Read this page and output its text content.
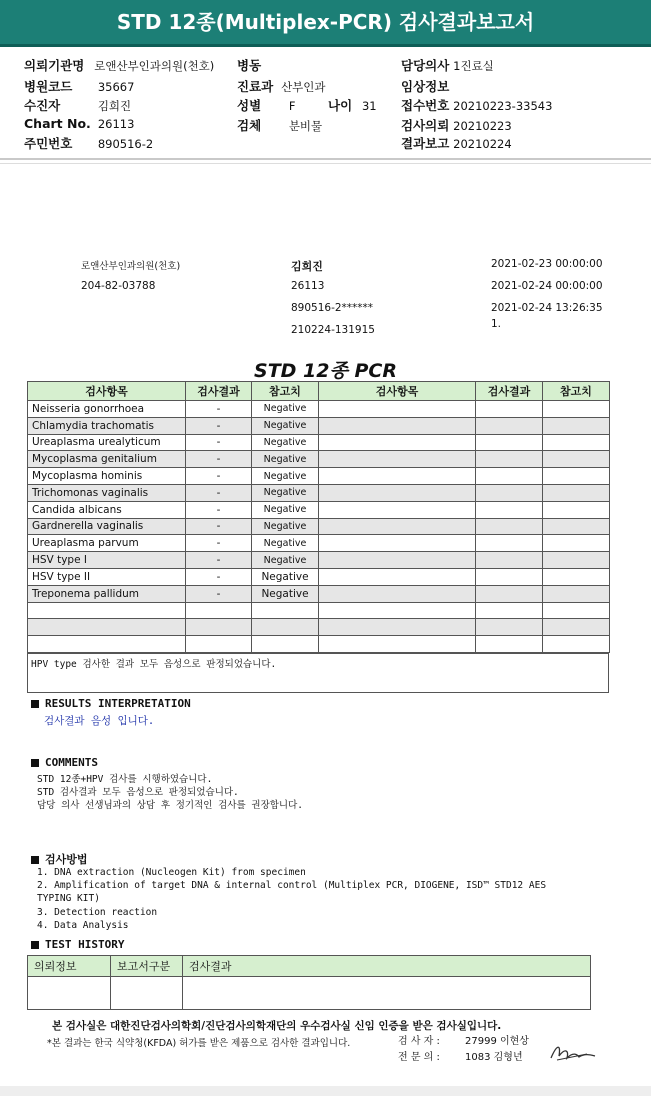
STD 12종(Multiplex-PCR) 검사결과보고서
의뢰기관명 로앤산부인과의원(천호)
병원코드 35667
수진자	김희진
Chart No. 26113
주민번호 890516-2
병동
진료과 산부인과
성별 F	나이 31
검체 분비물
담당의사 1진료실
임상정보
접수번호 20210223-33543
검사의뢰 20210223
결과보고 20210224
로앤산부인과의원(천호)
204-82-03788
김희진
26113
890516-2******
210224-131915
2021-02-23 00:00:00
2021-02-24 00:00:00
2021-02-24 13:26:35
1.
STD 12종 PCR
검사항목	검사결과	참고치	검사항목	검사결과	참고치
Neisseria gonorrhoea	-	Negative			
Chlamydia trachomatis	-	Negative			
Ureaplasma urealyticum	-	Negative			
Mycoplasma genitalium	-	Negative			
Mycoplasma hominis	-	Negative			
Trichomonas vaginalis	-	Negative			
Candida albicans	-	Negative			
Gardnerella vaginalis	-	Negative			
Ureaplasma parvum	-	Negative			
HSV type I	-	Negative			
HSV type II	-	Negative			
Treponema pallidum	-	Negative			

HPV type 검사한 결과 모두 음성으로 판정되었습니다.
RESULTS INTERPRETATION
검사결과 음성 입니다.
COMMENTS
STD 12종+HPV 검사를 시행하였습니다.
STD 검사결과 모두 음성으로 판정되었습니다.
담당 의사 선생님과의 상담 후 정기적인 검사를 권장합니다.
검사방법
1. DNA extraction (Nucleogen Kit) from specimen
2. Amplification of target DNA & internal control (Multiplex PCR, DIOGENE, ISD™ STD12 AES
TYPING KIT)
3. Detection reaction
4. Data Analysis
TEST HISTORY
의뢰정보	보고서구분	검사결과

본 검사실은 대한진단검사의학회/진단검사의학재단의 우수검사실 신임 인증을 받은 검사실입니다.
*본 결과는 한국 식약청(KFDA) 허가를 받은 제품으로 검사한 결과입니다.	검 사 자 :	27999 이현상
전 문 의 :	1083 김형년
